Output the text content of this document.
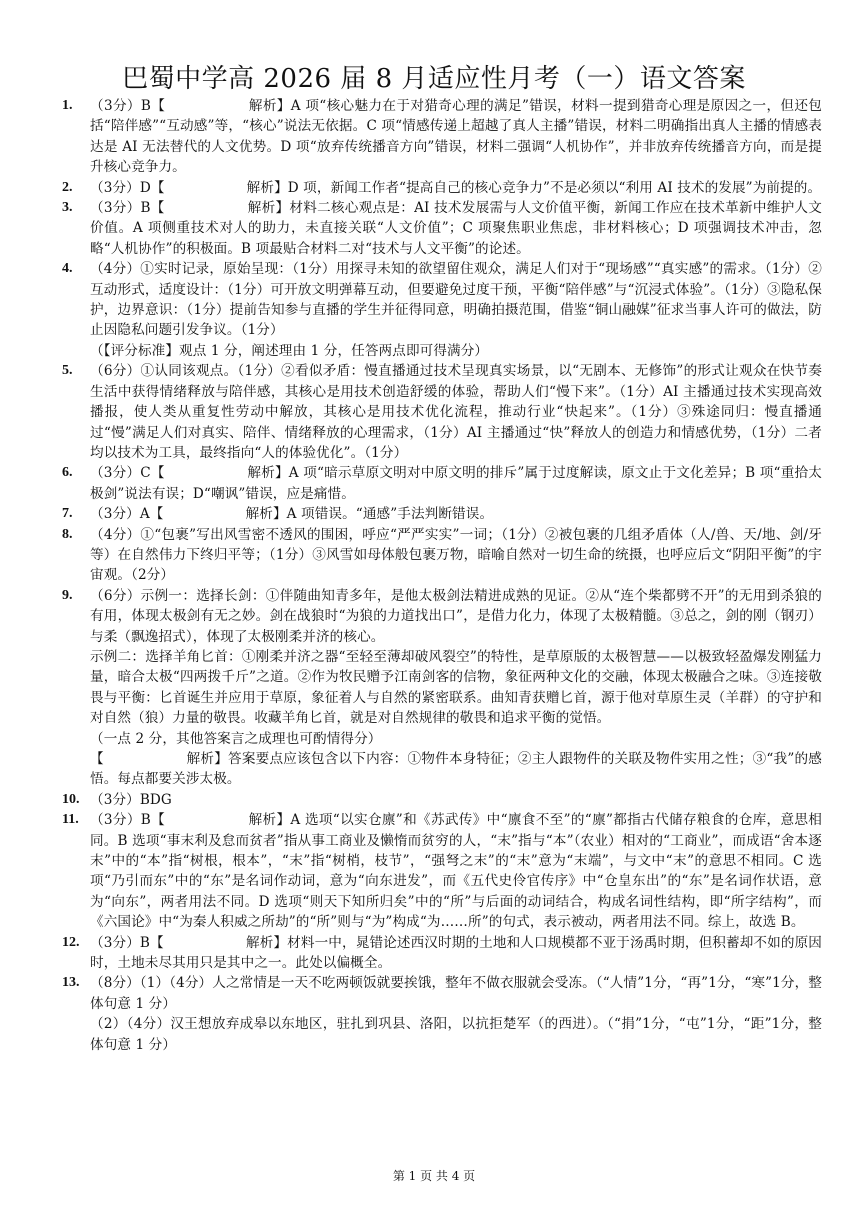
巴蜀中学高 2026 届 8 月适应性月考（一）语文答案
1. （3分）B【　　　　　　解析】A 项“核心魅力在于对猎奇心理的满足”错误，材料一提到猎奇心理是原因之一，但还包括“陪伴感”“互动感”等，“核心”说法无依据。C 项“情感传递上超越了真人主播”错误，材料二明确指出真人主播的情感表达是 AI 无法替代的人文优势。D 项“放弃传统播音方向”错误，材料二强调“人机协作”，并非放弃传统播音方向，而是提升核心竞争力。
2. （3分）D【　　　　　　解析】D 项，新闻工作者“提高自己的核心竞争力”不是必须以“利用 AI 技术的发展”为前提的。
3. （3分）B【　　　　　　解析】材料二核心观点是：AI 技术发展需与人文价值平衡，新闻工作应在技术革新中维护人文价值。A 项侧重技术对人的助力，未直接关联“人文价值”；C 项聚焦职业焦虑，非材料核心；D 项强调技术冲击，忽略“人机协作”的积极面。B 项最贴合材料二对“技术与人文平衡”的论述。
4. （4分）①实时记录，原始呈现：（1分）用探寻未知的欲望留住观众，满足人们对于“现场感”“真实感”的需求。（1分）②互动形式，适度设计：（1分）可开放文明弹幕互动，但要避免过度干预，平衡“陪伴感”与“沉浸式体验”。（1分）③隐私保护，边界意识：（1分）提前告知参与直播的学生并征得同意，明确拍摄范围，借鉴“铜山融媒”征求当事人许可的做法，防止因隐私问题引发争议。（1分）
（【评分标准】观点 1 分，阐述理由 1 分，任答两点即可得满分）
5. （6分）①认同该观点。（1分）②看似矛盾：慢直播通过技术呈现真实场景，以“无剧本、无修饰”的形式让观众在快节奏生活中获得情绪释放与陪伴感，其核心是用技术创造舒缓的体验，帮助人们“慢下来”。（1分）AI 主播通过技术实现高效播报，使人类从重复性劳动中解放，其核心是用技术优化流程，推动行业“快起来”。（1分）③殊途同归：慢直播通过“慢”满足人们对真实、陪伴、情绪释放的心理需求，（1分）AI 主播通过“快”释放人的创造力和情感优势，（1分）二者均以技术为工具，最终指向“人的体验优化”。（1分）
6. （3分）C【　　　　　　解析】A 项“暗示草原文明对中原文明的排斥”属于过度解读，原文止于文化差异；B 项“重拾太极剑”说法有误；D“嘲讽”错误，应是痛惜。
7. （3分）A【　　　　　　解析】A 项错误。“通感”手法判断错误。
8. （4分）①“包裹”写出风雪密不透风的围困，呼应“严严实实”一词；（1分）②被包裹的几组矛盾体（人/兽、天/地、剑/牙等）在自然伟力下终归平等；（1分）③风雪如母体般包裹万物，暗喻自然对一切生命的统摄，也呼应后文“阴阳平衡”的宇宙观。（2分）
9. （6分）示例一：选择长剑：①伴随曲知青多年，是他太极剑法精进成熟的见证。②从“连个柴都劈不开”的无用到杀狼的有用，体现太极剑有无之妙。剑在战狼时“为狼的力道找出口”，是借力化力，体现了太极精髓。③总之，剑的刚（钢刃）与柔（飘逸招式），体现了太极刚柔并济的核心。
示例二：选择羊角匕首：①刚柔并济之器“至轻至薄却破风裂空”的特性，是草原版的太极智慧——以极致轻盈爆发刚猛力量，暗合太极“四两拨千斤”之道。②作为牧民赠予江南剑客的信物，象征两种文化的交融，体现太极融合之味。③连接敬畏与平衡：匕首诞生并应用于草原，象征着人与自然的紧密联系。曲知青获赠匕首，源于他对草原生灵（羊群）的守护和对自然（狼）力量的敬畏。收藏羊角匕首，就是对自然规律的敬畏和追求平衡的觉悟。
（一点 2 分，其他答案言之成理也可酌情得分）
【　　　　　　解析】答案要点应该包含以下内容：①物件本身特征；②主人跟物件的关联及物件实用之性；③“我”的感悟。每点都要关涉太极。
10. （3分）BDG
11. （3分）B【　　　　　　解析】A 选项“以实仓廪”和《苏武传》中“廪食不至”的“廪”都指古代储存粮食的仓库，意思相同。B 选项“事末利及怠而贫者”指从事工商业及懒惰而贫穷的人，“末”指与“本”（农业）相对的“工商业”，而成语“舍本逐末”中的“本”指“树根，根本”，“末”指“树梢，枝节”，“强弩之末”的“末”意为“末端”，与文中“末”的意思不相同。C 选项“乃引而东”中的“东”是名词作动词，意为“向东进发”，而《五代史伶官传序》中“仓皇东出”的“东”是名词作状语，意为“向东”，两者用法不同。D 选项“则天下知所归矣”中的“所”与后面的动词结合，构成名词性结构，即“所字结构”，而《六国论》中“为秦人积威之所劫”的“所”则与“为”构成“为……所”的句式，表示被动，两者用法不同。综上，故选 B。
12. （3分）B【　　　　　　解析】材料一中，晁错论述西汉时期的土地和人口规模都不亚于汤禹时期，但积蓄却不如的原因时，土地未尽其用只是其中之一。此处以偏概全。
13. （8分）（1）（4分）人之常情是一天不吃两顿饭就要挨饿，整年不做衣服就会受冻。（“人情”1分，“再”1分，“寒”1分，整体句意 1 分）
（2）（4分）汉王想放弃成皋以东地区，驻扎到巩县、洛阳，以抗拒楚军（的西进）。（“捐”1分，“屯”1分，“距”1分，整体句意 1 分）
第 1 页 共 4 页
